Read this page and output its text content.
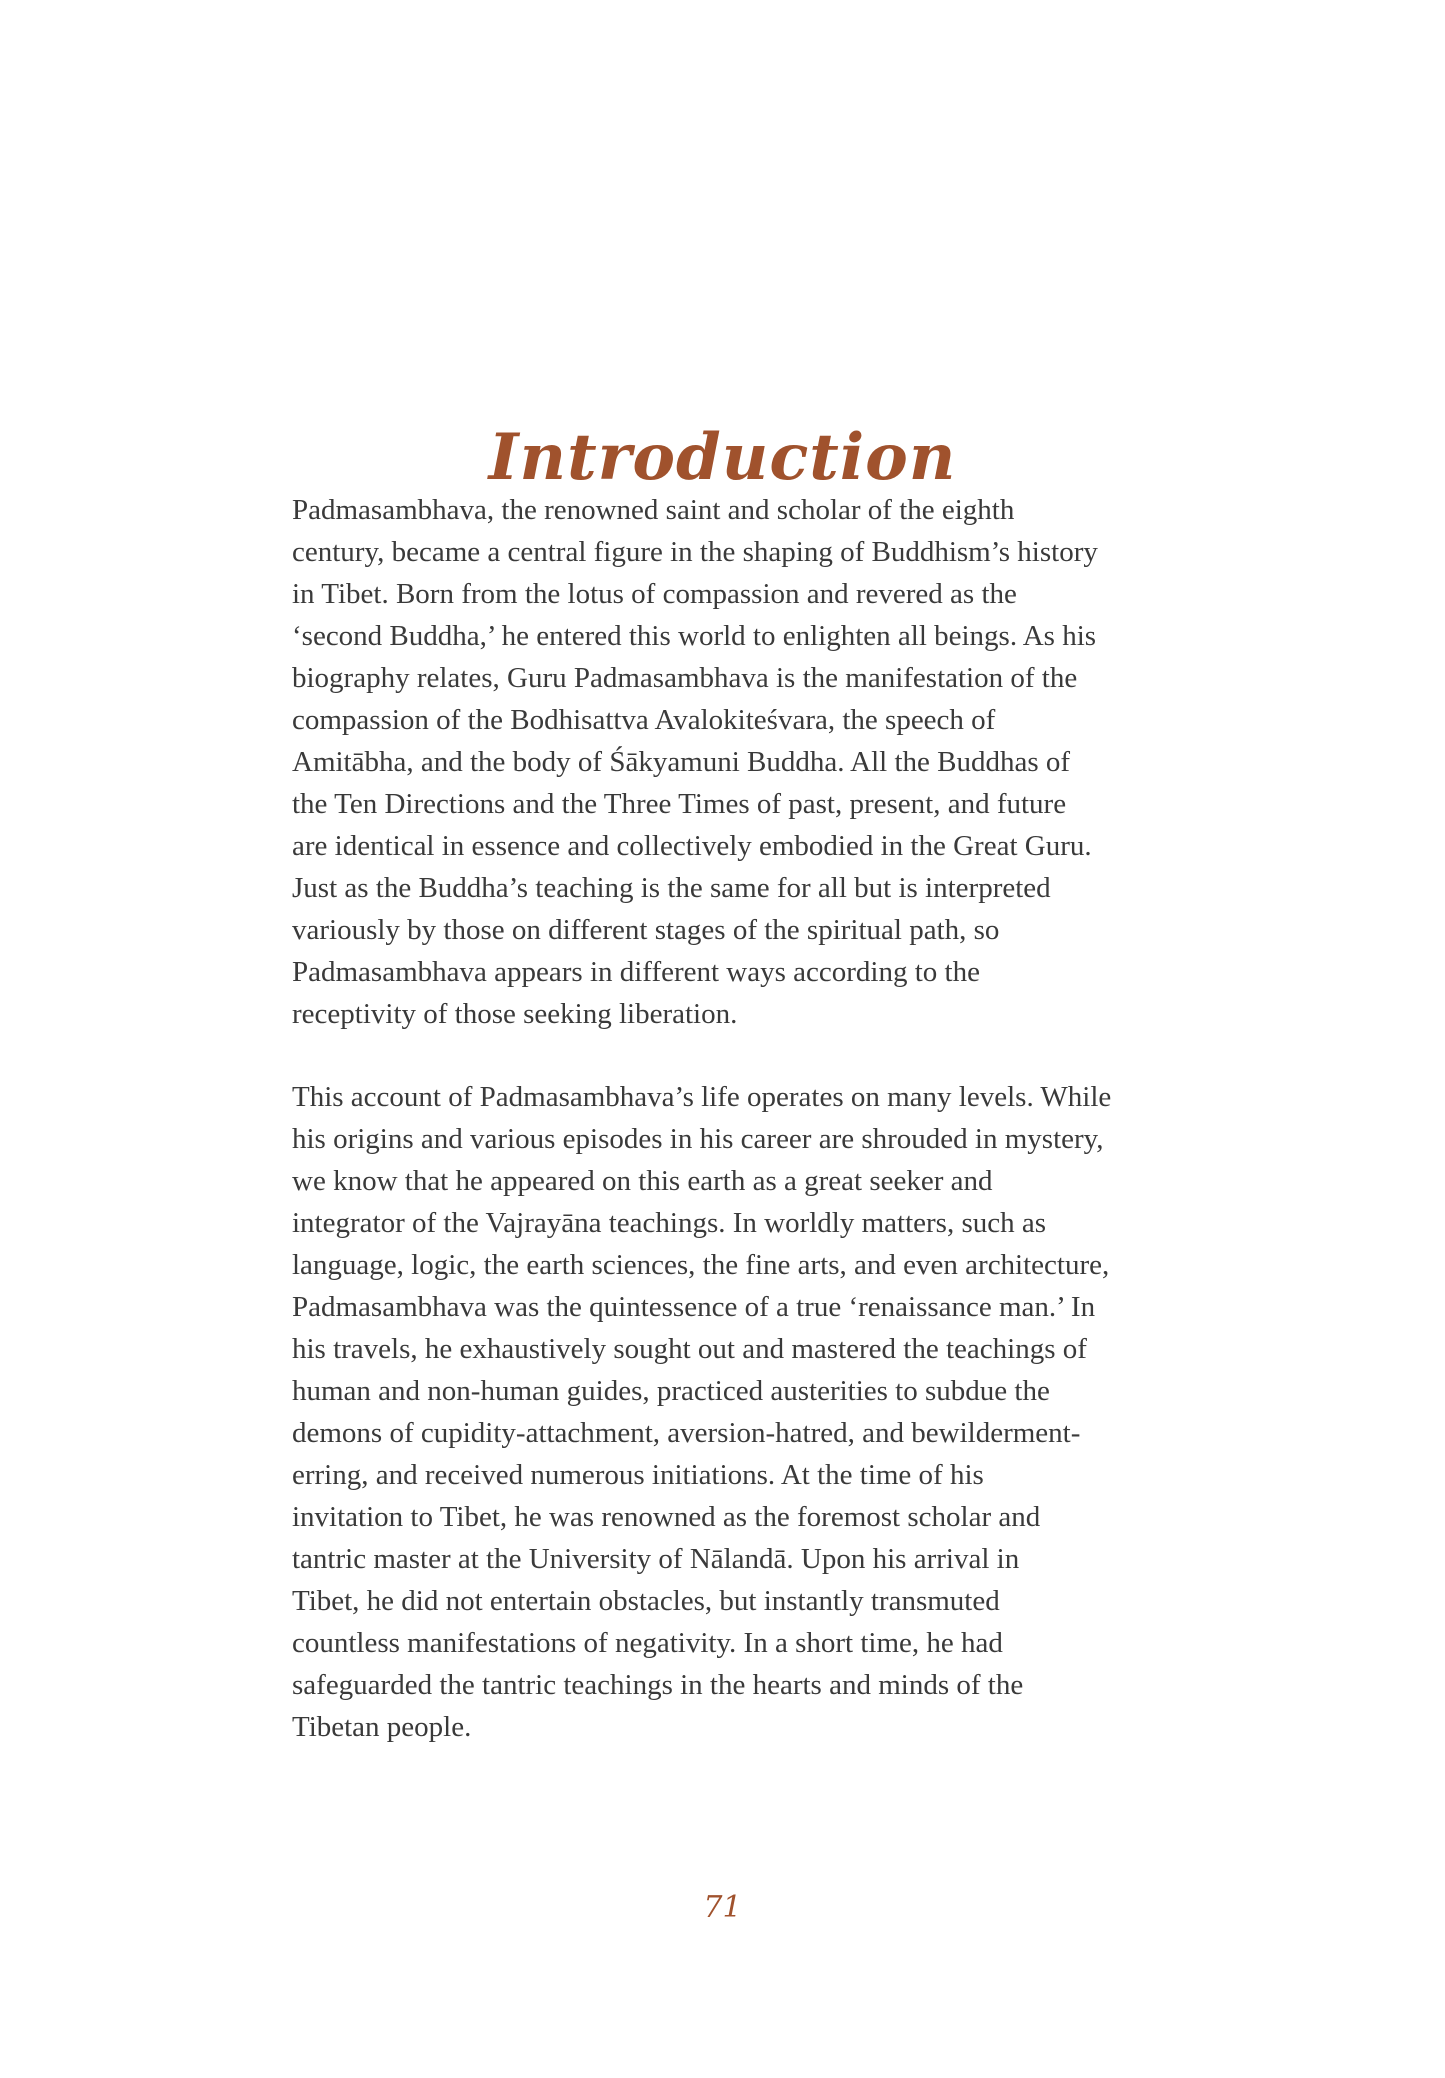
Introduction
Padmasambhava, the renowned saint and scholar of the eighth
century, became a central figure in the shaping of Buddhism’s history
in Tibet. Born from the lotus of compassion and revered as the
‘second Buddha,’ he entered this world to enlighten all beings. As his
biography relates, Guru Padmasambhava is the manifestation of the
compassion of the Bodhisattva Avalokiteśvara, the speech of
Amitābha, and the body of Śākyamuni Buddha. All the Buddhas of
the Ten Directions and the Three Times of past, present, and future
are identical in essence and collectively embodied in the Great Guru.
Just as the Buddha’s teaching is the same for all but is interpreted
variously by those on different stages of the spiritual path, so
Padmasambhava appears in different ways according to the
receptivity of those seeking liberation.
This account of Padmasambhava’s life operates on many levels. While
his origins and various episodes in his career are shrouded in mystery,
we know that he appeared on this earth as a great seeker and
integrator of the Vajrayāna teachings. In worldly matters, such as
language, logic, the earth sciences, the fine arts, and even architecture,
Padmasambhava was the quintessence of a true ‘renaissance man.’ In
his travels, he exhaustively sought out and mastered the teachings of
human and non-human guides, practiced austerities to subdue the
demons of cupidity-attachment, aversion-hatred, and bewilderment-
erring, and received numerous initiations. At the time of his
invitation to Tibet, he was renowned as the foremost scholar and
tantric master at the University of Nālandā. Upon his arrival in
Tibet, he did not entertain obstacles, but instantly transmuted
countless manifestations of negativity. In a short time, he had
safeguarded the tantric teachings in the hearts and minds of the
Tibetan people.
71
